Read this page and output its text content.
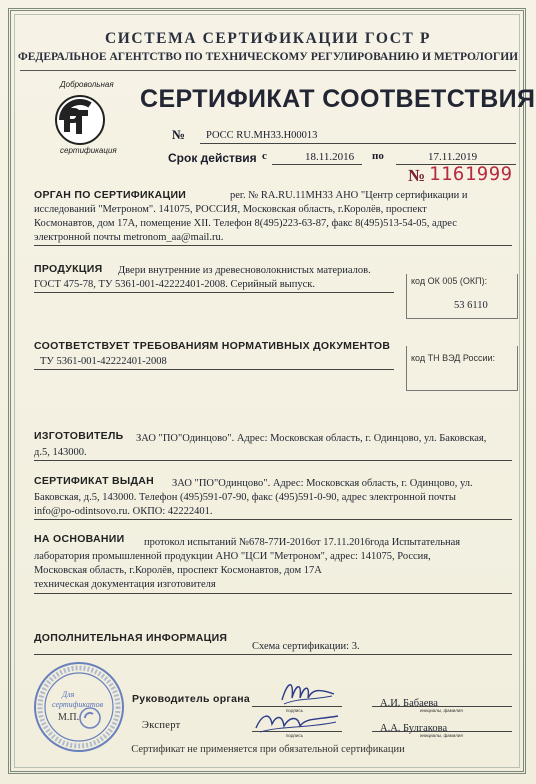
СИСТЕМА СЕРТИФИКАЦИИ ГОСТ Р
ФЕДЕРАЛЬНОЕ АГЕНТСТВО ПО ТЕХНИЧЕСКОМУ РЕГУЛИРОВАНИЮ И МЕТРОЛОГИИ
Добровольная
сертификация
СЕРТИФИКАТ СООТВЕТСТВИЯ
№ РОСС RU.МН33.Н00013
Срок действия с	18.11.2016 по	17.11.2019
№ 1161999
ОРГАН ПО СЕРТИФИКАЦИИ	рег. № RA.RU.11МН33 АНО "Центр сертификации и
исследований "Метроном". 141075, РОССИЯ, Московская область, г.Королёв, проспект
Космонавтов, дом 17А, помещение XII. Телефон 8(495)223-63-87, факс 8(495)513-54-05, адрес
электронной почты metronom_aa@mail.ru.
ПРОДУКЦИЯ Двери внутренние из древесноволокнистых материалов.
ГОСТ 475-78, ТУ 5361-001-42222401-2008. Серийный выпуск.	код ОК 005 (ОКП):
53 6110
СООТВЕТСТВУЕТ ТРЕБОВАНИЯМ НОРМАТИВНЫХ ДОКУМЕНТОВ
ТУ 5361-001-42222401-2008	код ТН ВЭД России:
ИЗГОТОВИТЕЛЬ ЗАО "ПО"Одинцово". Адрес: Московская область, г. Одинцово, ул. Баковская,
д.5, 143000.
СЕРТИФИКАТ ВЫДАН ЗАО "ПО"Одинцово". Адрес: Московская область, г. Одинцово, ул.
Баковская, д.5, 143000. Телефон (495)591-07-90, факс (495)591-0-90, адрес электронной почты
info@po-odintsovo.ru. ОКПО: 42222401.
НА ОСНОВАНИИ протокол испытаний №678-77И-2016от 17.11.2016года Испытательная
лаборатория промышленной продукции АНО "ЦСИ "Метроном", адрес: 141075, Россия,
Московская область, г.Королёв, проспект Космонавтов, дом 17А
техническая документация изготовителя
ДОПОЛНИТЕЛЬНАЯ ИНФОРМАЦИЯ
Схема сертификации: 3.
Для
сертификатов
М.П.
Руководитель органа
подпись	инициалы, фамилия
А.И. Бабаева
Эксперт
подпись	инициалы, фамилия
А.А. Булгакова
Сертификат не применяется при обязательной сертификации
